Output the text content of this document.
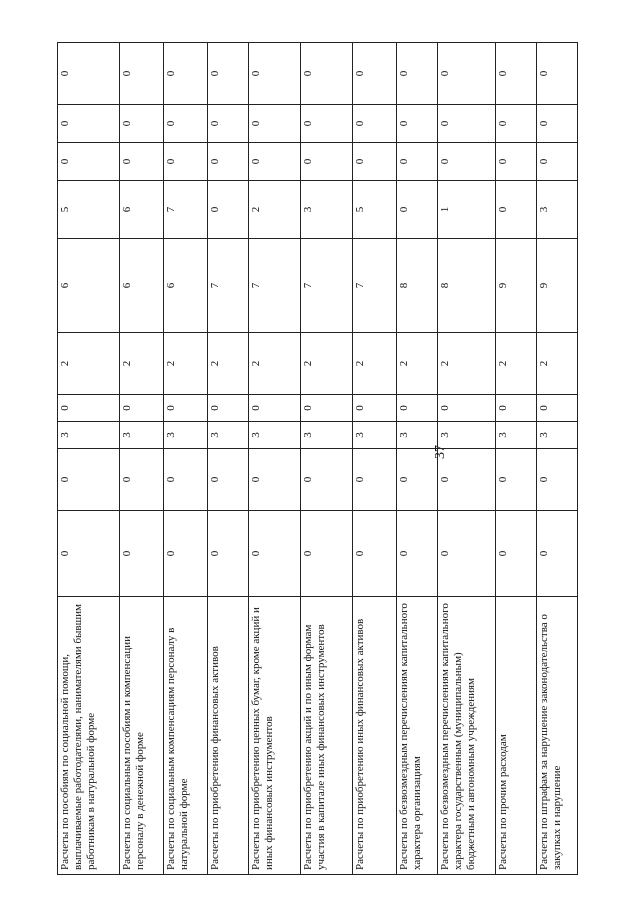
37
Расчеты по пособиям по социальной помощи, выплачиваемые работодателями, нанимателями бывшим работникам в натуральной форме	0	0	3	0	2	6	5	0	0	0
Расчеты по социальным пособиям и компенсации персоналу в денежной форме	0	0	3	0	2	6	6	0	0	0
Расчеты по социальным компенсациям персоналу в натуральной форме	0	0	3	0	2	6	7	0	0	0
Расчеты по приобретению финансовых активов	0	0	3	0	2	7	0	0	0	0
Расчеты по приобретению ценных бумаг, кроме акций и иных финансовых инструментов	0	0	3	0	2	7	2	0	0	0
Расчеты по приобретению акций и по иным формам участия в капитале иных финансовых инструментов	0	0	3	0	2	7	3	0	0	0
Расчеты по приобретению иных финансовых активов	0	0	3	0	2	7	5	0	0	0
Расчеты по безвозмездным перечислениям капитального характера организациям	0	0	3	0	2	8	0	0	0	0
Расчеты по безвозмездным перечислениям капитального характера государственным (муниципальным) бюджетным и автономным учреждениям	0	0	3	0	2	8	1	0	0	0
Расчеты по прочим расходам	0	0	3	0	2	9	0	0	0	0
Расчеты по штрафам за нарушение законодательства о закупках и нарушение	0	0	3	0	2	9	3	0	0	0
